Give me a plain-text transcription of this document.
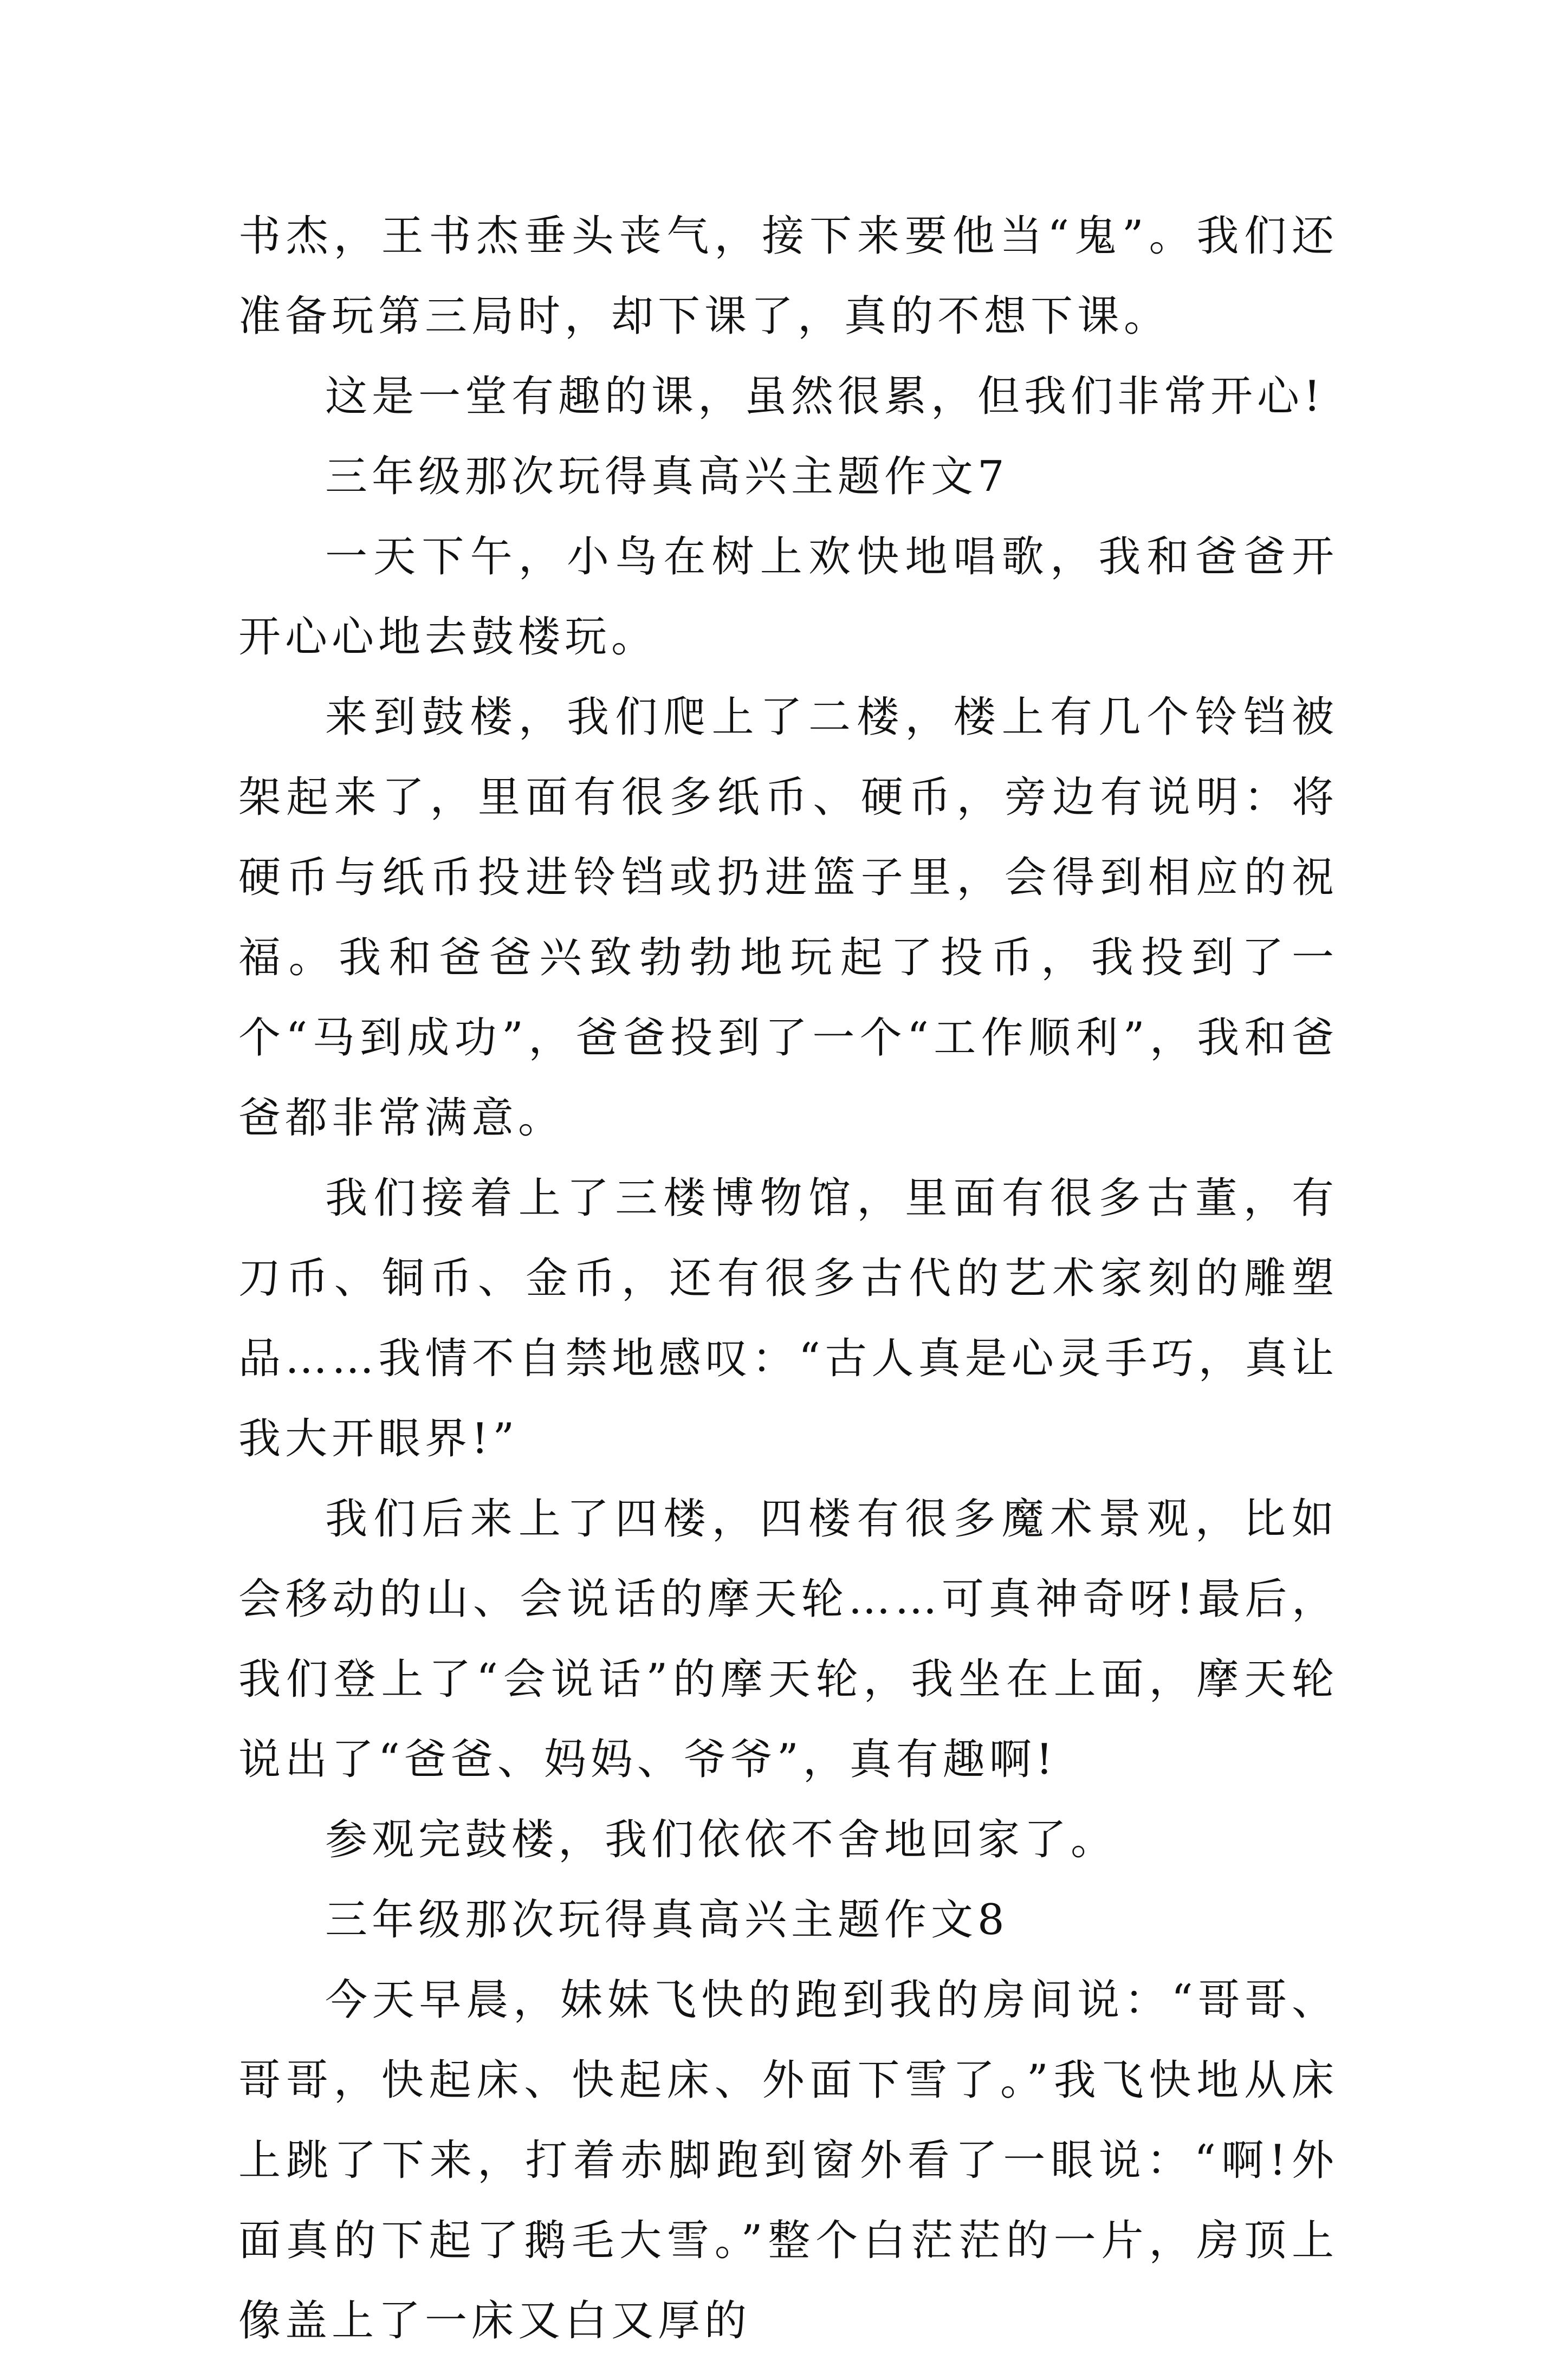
书杰，王书杰垂头丧气，接下来要他当“鬼”。我们还准备玩第三局时，却下课了，真的不想下课。

这是一堂有趣的课，虽然很累，但我们非常开心!

三年级那次玩得真高兴主题作文7

一天下午，小鸟在树上欢快地唱歌，我和爸爸开开心心地去鼓楼玩。

来到鼓楼，我们爬上了二楼，楼上有几个铃铛被架起来了，里面有很多纸币、硬币，旁边有说明：将硬币与纸币投进铃铛或扔进篮子里，会得到相应的祝福。我和爸爸兴致勃勃地玩起了投币，我投到了一个“马到成功”，爸爸投到了一个“工作顺利”，我和爸爸都非常满意。

我们接着上了三楼博物馆，里面有很多古董，有刀币、铜币、金币，还有很多古代的艺术家刻的雕塑品……我情不自禁地感叹：“古人真是心灵手巧，真让我大开眼界!”

我们后来上了四楼，四楼有很多魔术景观，比如会移动的山、会说话的摩天轮……可真神奇呀!最后，我们登上了“会说话”的摩天轮，我坐在上面，摩天轮说出了“爸爸、妈妈、爷爷”，真有趣啊!

参观完鼓楼，我们依依不舍地回家了。

三年级那次玩得真高兴主题作文8

今天早晨，妹妹飞快的跑到我的房间说：“哥哥、哥哥，快起床、快起床、外面下雪了。”我飞快地从床上跳了下来，打着赤脚跑到窗外看了一眼说：“啊!外面真的下起了鹅毛大雪。”整个白茫茫的一片，房顶上像盖上了一床又白又厚的
